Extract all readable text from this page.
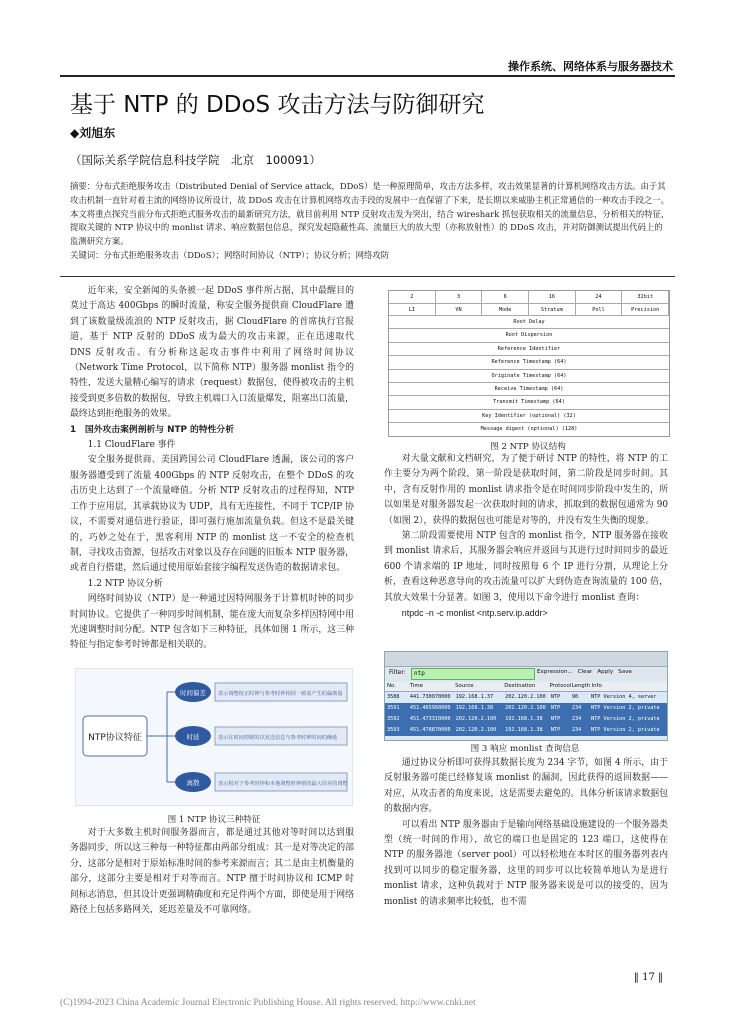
操作系统、网络体系与服务器技术
基于 NTP 的 DDoS 攻击方法与防御研究
◆刘旭东
（国际关系学院信息科技学院　北京　100091）
摘要：分布式拒绝服务攻击（Distributed Denial of Service attack，DDoS）是一种原理简单，攻击方法多样，攻击效果显著的计算机网络攻击方法。由于其攻击机制一直针对着主流的网络协议所设计，故 DDoS 攻击在计算机网络攻击手段的发展中一直保留了下来，是长期以来威胁主机正常通信的一种攻击手段之一。本文将重点探究当前分布式拒绝式服务攻击的最新研究方法，就目前利用 NTP 反射攻击发为突出，结合 wireshark 抓包获取相关的流量信息，分析相关的特征，提取关键的 NTP 协议中的 monlist 请求、响应数据包信息，探究发起隐蔽性高、流量巨大的放大型（亦称放射性）的 DDoS 攻击，并对防御测试提出代码上的监测研究方案。
关键词：分布式拒绝服务攻击（DDoS）；网络时间协议（NTP）；协议分析；网络攻防

近年来，安全新闻的头条被一起 DDoS 事件所占据，其中最醒目的莫过于高达 400Gbps 的瞬时流量，称安全服务提供商 CloudFlare 遭到了该数量级流浪的 NTP 反射攻击，据 CloudFlare 的首席执行官报道，基于 NTP 反射的 DDoS 成为最大的攻击来源，正在迅速取代 DNS 反射攻击。有分析称这起攻击事件中利用了网络时间协议（Network Time Protocol，以下简称 NTP）服务器 monlist 指令的特性，发送大量精心编写的请求（request）数据包，使得被攻击的主机接受到更多倍数的数据包，导致主机端口入口流量爆发，阻塞出口流量，最终达到拒绝服务的效果。

1　国外攻击案例剖析与 NTP 的特性分析

1.1 CloudFlare 事件

安全服务提供商、美国跨国公司 CloudFlare 透漏，该公司的客户服务器遭受到了流量 400Gbps 的 NTP 反射攻击，在整个 DDoS 的攻击历史上达到了一个流量峰值。分析 NTP 反射攻击的过程得知，NTP 工作于应用层，其承载协议为 UDP，具有无连接性，不同于 TCP/IP 协议，不需要对通信进行验证，即可强行施加流量负载。但这不是最关键的，巧妙之处在于，黑客利用 NTP 的 monlist 这一不安全的检查机制，寻找攻击资源，包括攻击对象以及存在问题的旧版本 NTP 服务器，或者自行搭建，然后通过使用原始套接字编程发送伪造的数据请求包。

1.2 NTP 协议分析

网络时间协议（NTP）是一种通过因特网服务于计算机时钟的同步时间协议。它提供了一种同步时间机制，能在庞大而复杂多样因特网中用光速调整时间分配。NTP 包含如下三种特征，具体如图 1 所示，这三种特征与指定参考时钟都是相关联的。

NTP协议特征
时间偏差
时延
离散
表示调整校正时钟与参考时钟相同一致需产生的偏离量
表示在时间控制的以发送信息与参考时钟时间的确延
表示相对于参考时钟和本地调整时钟值的最大误差的调整
图 1 NTP 协议三种特征

对于大多数主机时间服务器而言，都是通过其他对等时间以达到服务器同步，所以这三种每一种特征都由两部分组成：其一是对等决定的部分，这部分是相对于原始标准时间的参考来源而言；其二是由主机衡量的部分，这部分主要是相对于对等而言。NTP 擅于时间协议和 ICMP 时间标志消息，但其设计更强调精确度和充足件两个方面，即使是用于网络路径上包括多路网关，延迟差量及不可靠网络。

2	3	6	16	24	32bit
LI	VN	Mode	Stratum	Poll	Precision
Root Delay
Root Dispersion
Reference Identifier
Reference Timestamp (64)
Originate Timestamp (64)
Receive Timestamp (64)
Transmit Timestamp (64)
Key Identifier (optional) (32)
Message digest (optional) (128)
图 2 NTP 协议结构

对大量文献和文档研究，为了便于研讨 NTP 的特性，将 NTP 的工作主要分为两个阶段，第一阶段是获取时间，第二阶段是同步时间。其中，含有反射作用的 monlist 请求指令是在时间同步阶段中发生的，所以如果是对服务器发起一次获取时间的请求，抓取到的数据包通常为 90（如图 2），获得的数据包也可能是对等的，并没有发生失衡的现象。

第二阶段需要使用 NTP 包含的 monlist 指令，NTP 服务器在接收到 monlist 请求后，其服务器会响应并返回与其进行过时间同步的最近 600 个请求端的 IP 地址，同时按照每 6 个 IP 进行分割，从理论上分析，查看这种恶意导向的攻击流量可以扩大到伪造查询流量的 100 倍，其放大效果十分显著。如图 3，使用以下命令进行 monlist 查询：

ntpdc -n -c monlist <ntp.serv.ip.addr>

Filter:	ntp	Expression... Clear Apply Save
No.	Time	Source	Destination	Protocol Length Info
3588	441.730070000 192.168.1.37	202.120.2.100 NTP	90	NTP Version 4, server
3591	451.465960000 192.168.1.38	202.120.2.100 NTP	234	NTP Version 2, private
3592	451.473310000 202.120.2.100	192.168.1.38	NTP	234	NTP Version 2, private
3593	451.478870000 202.120.2.100	192.168.1.38	NTP	234	NTP Version 2, private
图 3 响应 monlist 查询信息

通过协议分析即可获得其数据长度为 234 字节，如图 4 所示，由于反射服务器可能已经修复该 monlist 的漏洞，因此获得的返回数据——对应，从攻击者的角度来说，这是需要去避免的。具体分析该请求数据包的数据内容。

可以看出 NTP 服务器由于是输向网络基础设施建设的一个服务器类型（统一时间的作用），故它的端口也是固定的 123 端口，这使得在 NTP 的服务器池（server pool）可以轻松地在本时区的服务器列表内找到可以同步的稳定服务器，这里的同步可以比较简单地认为是进行 monlist 请求，这种负载对于 NTP 服务器来说是可以的接受的，因为 monlist 的请求频率比较低，也不需

‖ 17 ‖
(C)1994-2023 China Academic Journal Electronic Publishing House. All rights reserved. http://www.cnki.net
